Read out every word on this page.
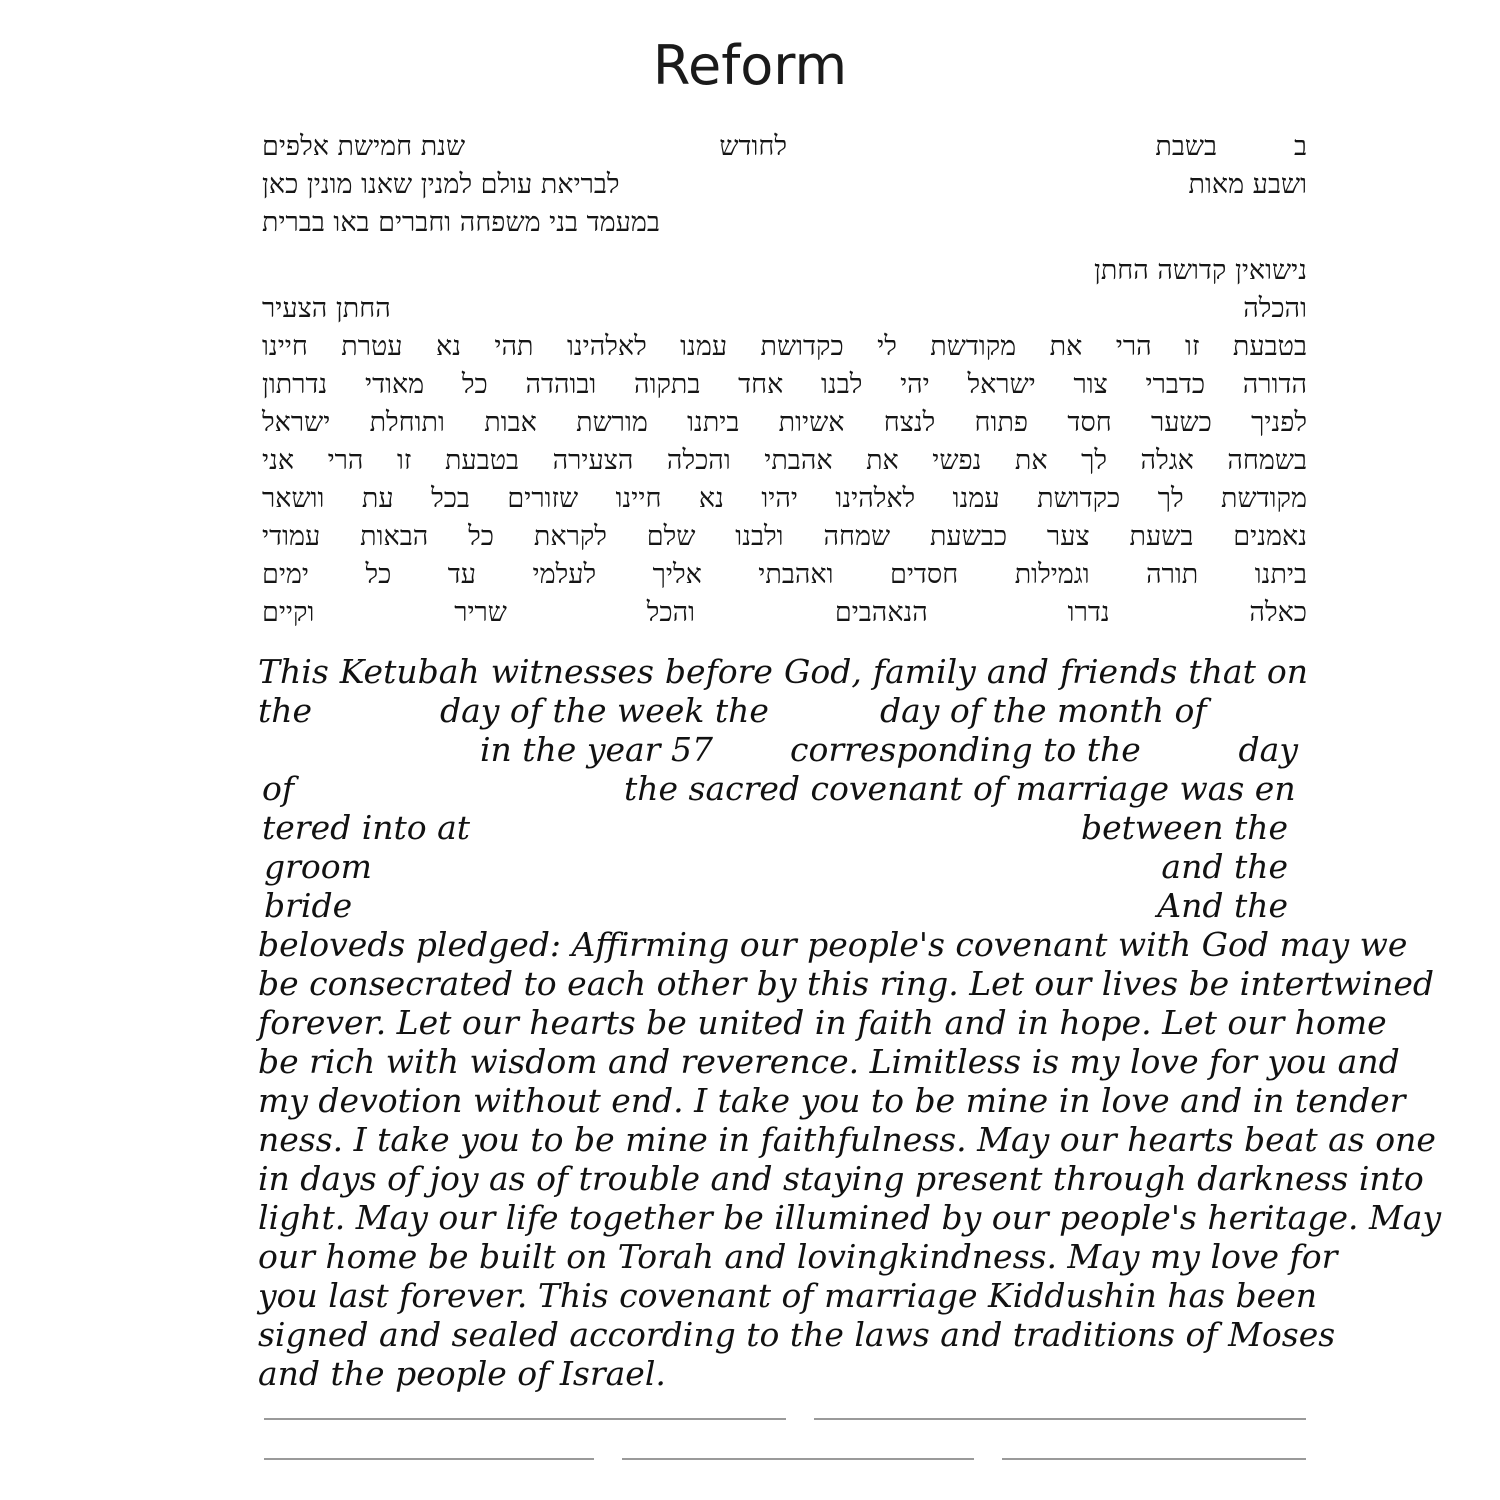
Reform
ב
בשבת
לחודש
שנת חמישת אלפים
ושבע מאות
לבריאת עולם למנין שאנו מונין כאן
במעמד בני משפחה וחברים באו בברית
נישואין קדושה החתן
והכלה
החתן הצעיר
בטבעת זו הרי את מקודשת לי כקדושת עמנו לאלהינו תהי נא עטרת חיינו
הדורה כדברי צור ישראל יהי לבנו אחד בתקוה ובוהדה כל מאודי נדרתון
לפניך כשער חסד פתוח לנצח אשיות ביתנו מורשת אבות ותוחלת ישראל
בשמחה אגלה לך את נפשי את אהבתי והכלה הצעירה בטבעת זו הרי אני
מקודשת לך כקדושת עמנו לאלהינו יהיו נא חיינו שזורים בכל עת וושאר
נאמנים בשעת צער כבשעת שמחה ולבנו שלם לקראת כל הבאות עמודי
ביתנו תורה וגמילות חסדים ואהבתי אליך לעלמי עד כל ימים
כאלה נדרו הנאהבים והכל שריר וקיים
This Ketubah witnesses before God, family and friends that on
the	day of the week the	day of the month of
in the year 57 corresponding to the	day
of	the sacred covenant of marriage was en
tered into at	between the
groom	and the
bride	And the
beloveds pledged: Affirming our people's covenant with God may we
be consecrated to each other by this ring. Let our lives be intertwined
forever. Let our hearts be united in faith and in hope. Let our home
be rich with wisdom and reverence. Limitless is my love for you and
my devotion without end. I take you to be mine in love and in tender
ness. I take you to be mine in faithfulness. May our hearts beat as one
in days of joy as of trouble and staying present through darkness into
light. May our life together be illumined by our people's heritage. May
our home be built on Torah and lovingkindness. May my love for
you last forever. This covenant of marriage Kiddushin has been
signed and sealed according to the laws and traditions of Moses
and the people of Israel.
